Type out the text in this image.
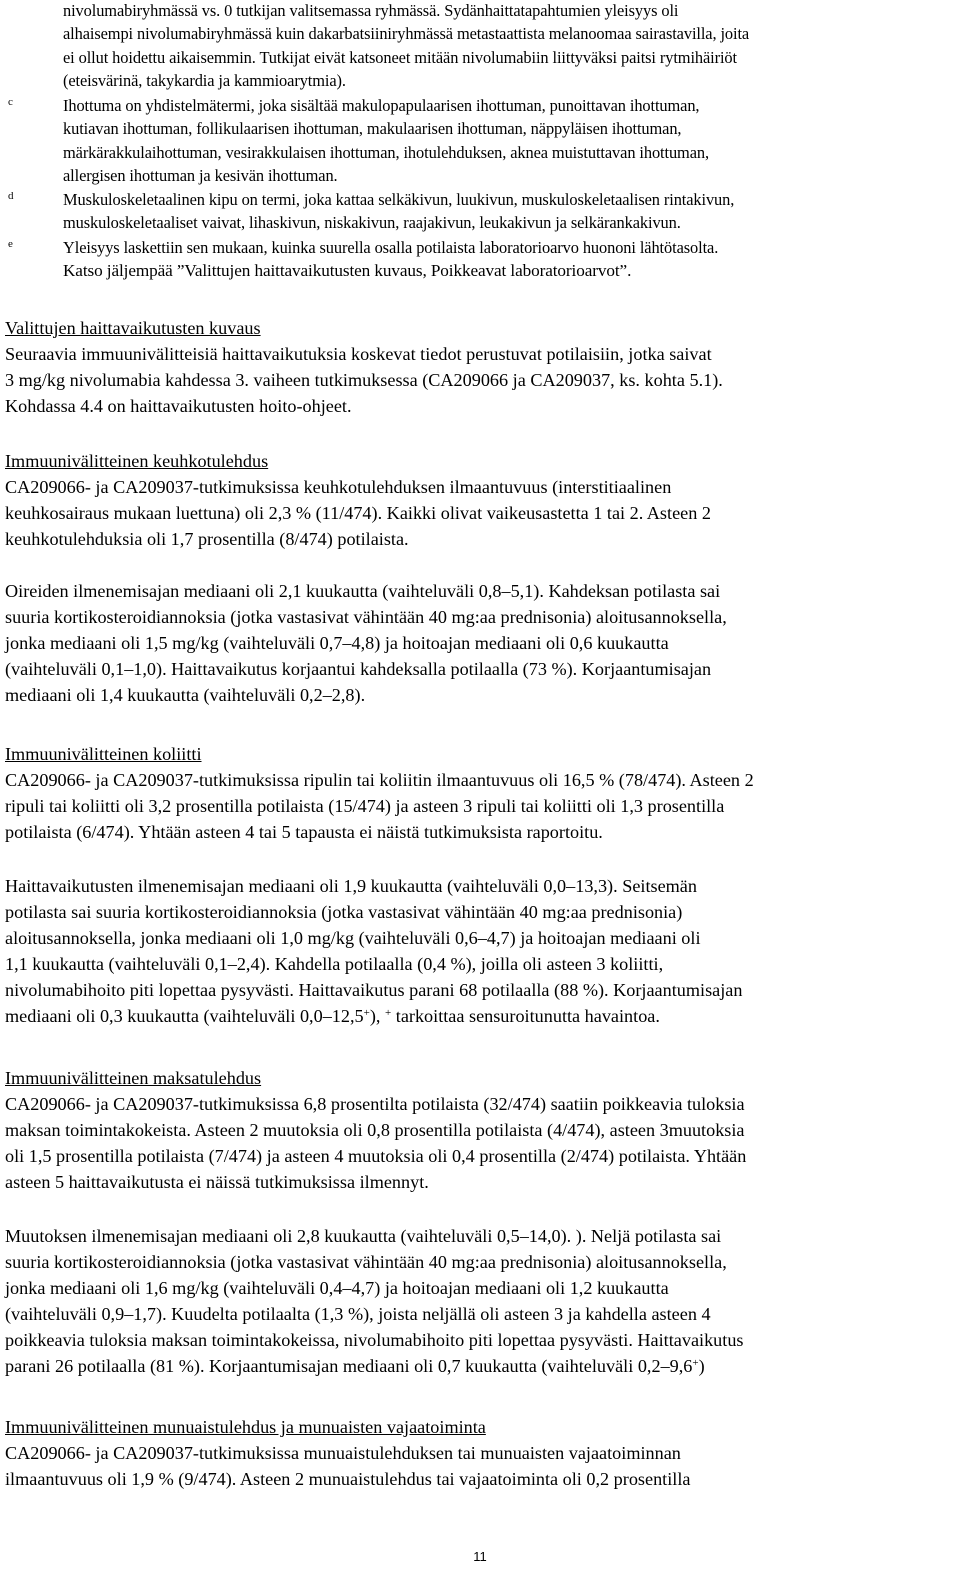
nivolumabiryhmässä vs. 0 tutkijan valitsemassa ryhmässä. Sydänhaittatapahtumien yleisyys oli
alhaisempi nivolumabiryhmässä kuin dakarbatsiiniryhmässä metastaattista melanoomaa sairastavilla, joita
ei ollut hoidettu aikaisemmin. Tutkijat eivät katsoneet mitään nivolumabiin liittyväksi paitsi rytmihäiriöt
(eteisvärinä, takykardia ja kammioarytmia).
c	Ihottuma on yhdistelmätermi, joka sisältää makulopapulaarisen ihottuman, punoittavan ihottuman,
kutiavan ihottuman, follikulaarisen ihottuman, makulaarisen ihottuman, näppyläisen ihottuman,
märkärakkulaihottuman, vesirakkulaisen ihottuman, ihotulehduksen, aknea muistuttavan ihottuman,
allergisen ihottuman ja kesivän ihottuman.
d	Muskuloskeletaalinen kipu on termi, joka kattaa selkäkivun, luukivun, muskuloskeletaalisen rintakivun,
muskuloskeletaaliset vaivat, lihaskivun, niskakivun, raajakivun, leukakivun ja selkärankakivun.
e	Yleisyys laskettiin sen mukaan, kuinka suurella osalla potilaista laboratorioarvo huononi lähtötasolta.
Katso jäljempää ”Valittujen haittavaikutusten kuvaus, Poikkeavat laboratorioarvot”.
Valittujen haittavaikutusten kuvaus
Seuraavia immuunivälitteisiä haittavaikutuksia koskevat tiedot perustuvat potilaisiin, jotka saivat
3 mg/kg nivolumabia kahdessa 3. vaiheen tutkimuksessa (CA209066 ja CA209037, ks. kohta 5.1).
Kohdassa 4.4 on haittavaikutusten hoito-ohjeet.
Immuunivälitteinen keuhkotulehdus
CA209066- ja CA209037-tutkimuksissa keuhkotulehduksen ilmaantuvuus (interstitiaalinen
keuhkosairaus mukaan luettuna) oli 2,3 % (11/474). Kaikki olivat vaikeusastetta 1 tai 2. Asteen 2
keuhkotulehduksia oli 1,7 prosentilla (8/474) potilaista.
Oireiden ilmenemisajan mediaani oli 2,1 kuukautta (vaihteluväli 0,8–5,1). Kahdeksan potilasta sai
suuria kortikosteroidiannoksia (jotka vastasivat vähintään 40 mg:aa prednisonia) aloitusannoksella,
jonka mediaani oli 1,5 mg/kg (vaihteluväli 0,7–4,8) ja hoitoajan mediaani oli 0,6 kuukautta
(vaihteluväli 0,1–1,0). Haittavaikutus korjaantui kahdeksalla potilaalla (73 %). Korjaantumisajan
mediaani oli 1,4 kuukautta (vaihteluväli 0,2–2,8).
Immuunivälitteinen koliitti
CA209066- ja CA209037-tutkimuksissa ripulin tai koliitin ilmaantuvuus oli 16,5 % (78/474). Asteen 2
ripuli tai koliitti oli 3,2 prosentilla potilaista (15/474) ja asteen 3 ripuli tai koliitti oli 1,3 prosentilla
potilaista (6/474). Yhtään asteen 4 tai 5 tapausta ei näistä tutkimuksista raportoitu.
Haittavaikutusten ilmenemisajan mediaani oli 1,9 kuukautta (vaihteluväli 0,0–13,3). Seitsemän
potilasta sai suuria kortikosteroidiannoksia (jotka vastasivat vähintään 40 mg:aa prednisonia)
aloitusannoksella, jonka mediaani oli 1,0 mg/kg (vaihteluväli 0,6–4,7) ja hoitoajan mediaani oli
1,1 kuukautta (vaihteluväli 0,1–2,4). Kahdella potilaalla (0,4 %), joilla oli asteen 3 koliitti,
nivolumabihoito piti lopettaa pysyvästi. Haittavaikutus parani 68 potilaalla (88 %). Korjaantumisajan
mediaani oli 0,3 kuukautta (vaihteluväli 0,0–12,5+), + tarkoittaa sensuroitunutta havaintoa.
Immuunivälitteinen maksatulehdus
CA209066- ja CA209037-tutkimuksissa 6,8 prosentilta potilaista (32/474) saatiin poikkeavia tuloksia
maksan toimintakokeista. Asteen 2 muutoksia oli 0,8 prosentilla potilaista (4/474), asteen 3muutoksia
oli 1,5 prosentilla potilaista (7/474) ja asteen 4 muutoksia oli 0,4 prosentilla (2/474) potilaista. Yhtään
asteen 5 haittavaikutusta ei näissä tutkimuksissa ilmennyt.
Muutoksen ilmenemisajan mediaani oli 2,8 kuukautta (vaihteluväli 0,5–14,0). ). Neljä potilasta sai
suuria kortikosteroidiannoksia (jotka vastasivat vähintään 40 mg:aa prednisonia) aloitusannoksella,
jonka mediaani oli 1,6 mg/kg (vaihteluväli 0,4–4,7) ja hoitoajan mediaani oli 1,2 kuukautta
(vaihteluväli 0,9–1,7). Kuudelta potilaalta (1,3 %), joista neljällä oli asteen 3 ja kahdella asteen 4
poikkeavia tuloksia maksan toimintakokeissa, nivolumabihoito piti lopettaa pysyvästi. Haittavaikutus
parani 26 potilaalla (81 %). Korjaantumisajan mediaani oli 0,7 kuukautta (vaihteluväli 0,2–9,6+)
Immuunivälitteinen munuaistulehdus ja munuaisten vajaatoiminta
CA209066- ja CA209037-tutkimuksissa munuaistulehduksen tai munuaisten vajaatoiminnan
ilmaantuvuus oli 1,9 % (9/474). Asteen 2 munuaistulehdus tai vajaatoiminta oli 0,2 prosentilla
11
